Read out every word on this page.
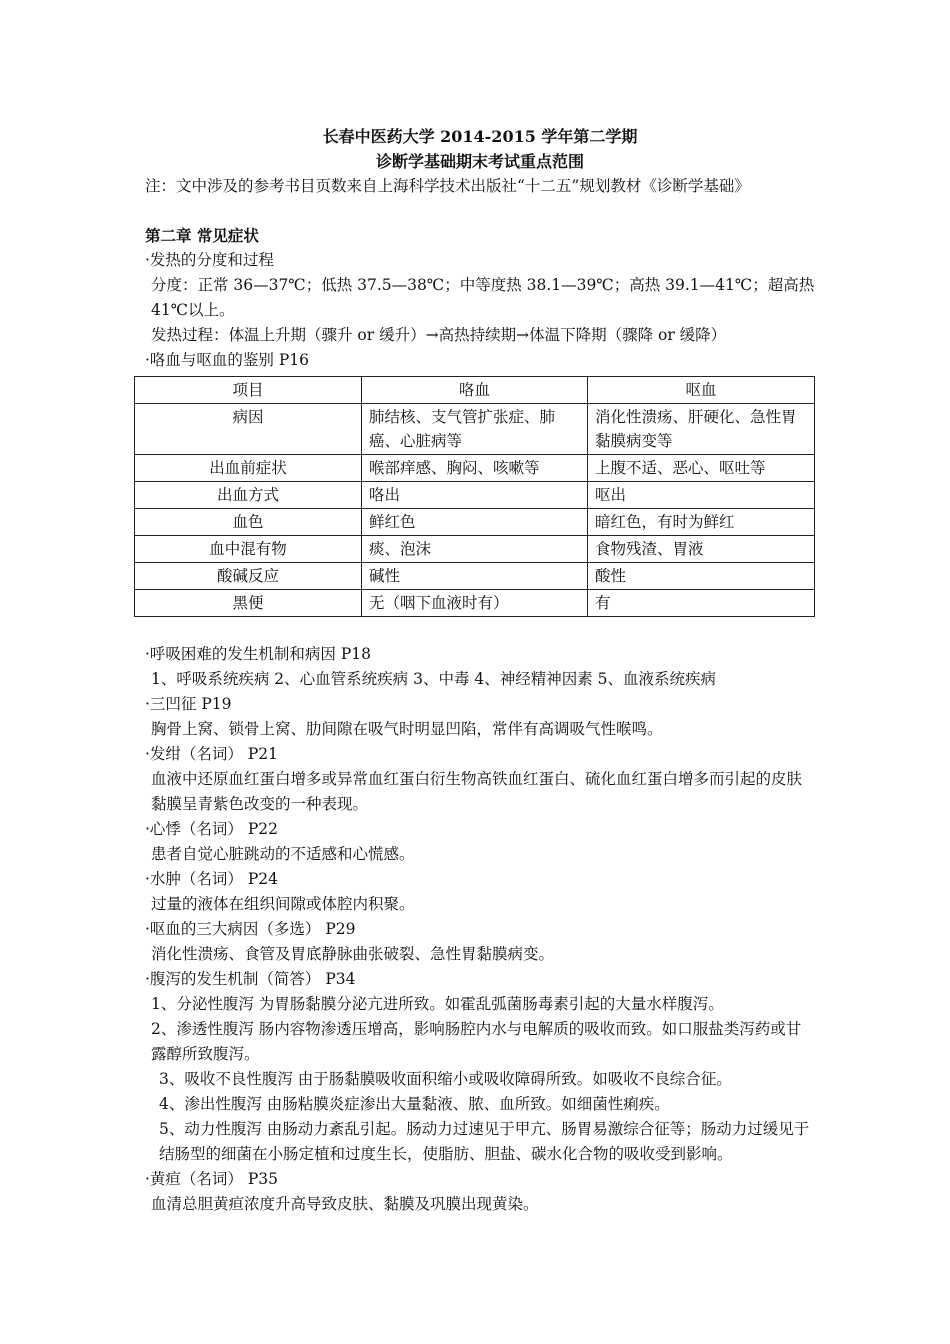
长春中医药大学 2014-2015 学年第二学期
诊断学基础期末考试重点范围
注：文中涉及的参考书目页数来自上海科学技术出版社“十二五”规划教材《诊断学基础》
第二章 常见症状
·发热的分度和过程
分度：正常 36—37℃；低热 37.5—38℃；中等度热 38.1—39℃；高热 39.1—41℃；超高热 41℃以上。
发热过程：体温上升期（骤升 or 缓升）→高热持续期→体温下降期（骤降 or 缓降）
·咯血与呕血的鉴别 P16
项目	咯血	呕血
病因	肺结核、支气管扩张症、肺癌、心脏病等	消化性溃疡、肝硬化、急性胃黏膜病变等
出血前症状	喉部痒感、胸闷、咳嗽等	上腹不适、恶心、呕吐等
出血方式	咯出	呕出
血色	鲜红色	暗红色，有时为鲜红
血中混有物	痰、泡沫	食物残渣、胃液
酸碱反应	碱性	酸性
黑便	无（咽下血液时有）	有
·呼吸困难的发生机制和病因 P18
1、呼吸系统疾病 2、心血管系统疾病 3、中毒 4、神经精神因素 5、血液系统疾病
·三凹征 P19
胸骨上窝、锁骨上窝、肋间隙在吸气时明显凹陷，常伴有高调吸气性喉鸣。
·发绀（名词） P21
血液中还原血红蛋白增多或异常血红蛋白衍生物高铁血红蛋白、硫化血红蛋白增多而引起的皮肤黏膜呈青紫色改变的一种表现。
·心悸（名词） P22
患者自觉心脏跳动的不适感和心慌感。
·水肿（名词） P24
过量的液体在组织间隙或体腔内积聚。
·呕血的三大病因（多选） P29
消化性溃疡、食管及胃底静脉曲张破裂、急性胃黏膜病变。
·腹泻的发生机制（简答） P34
1、分泌性腹泻 为胃肠黏膜分泌亢进所致。如霍乱弧菌肠毒素引起的大量水样腹泻。
2、渗透性腹泻 肠内容物渗透压增高，影响肠腔内水与电解质的吸收而致。如口服盐类泻药或甘露醇所致腹泻。
3、吸收不良性腹泻 由于肠黏膜吸收面积缩小或吸收障碍所致。如吸收不良综合征。
4、渗出性腹泻 由肠粘膜炎症渗出大量黏液、脓、血所致。如细菌性痢疾。
5、动力性腹泻 由肠动力紊乱引起。肠动力过速见于甲亢、肠胃易激综合征等；肠动力过缓见于结肠型的细菌在小肠定植和过度生长，使脂肪、胆盐、碳水化合物的吸收受到影响。
·黄疸（名词） P35
血清总胆黄疸浓度升高导致皮肤、黏膜及巩膜出现黄染。
